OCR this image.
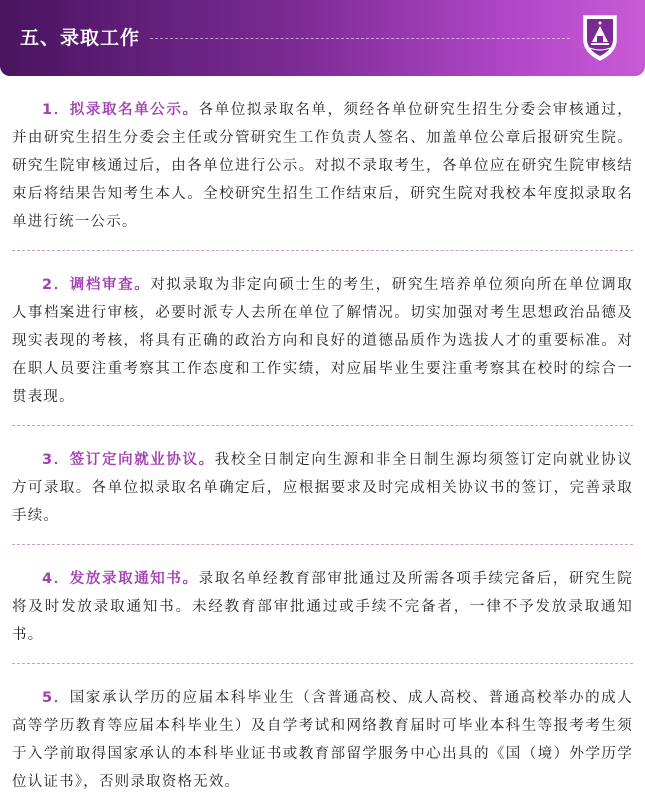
五、录取工作
1．拟录取名单公示。各单位拟录取名单，须经各单位研究生招生分委会审核通过，并由研究生招生分委会主任或分管研究生工作负责人签名、加盖单位公章后报研究生院。研究生院审核通过后，由各单位进行公示。对拟不录取考生，各单位应在研究生院审核结束后将结果告知考生本人。全校研究生招生工作结束后，研究生院对我校本年度拟录取名单进行统一公示。
2．调档审查。对拟录取为非定向硕士生的考生，研究生培养单位须向所在单位调取人事档案进行审核，必要时派专人去所在单位了解情况。切实加强对考生思想政治品德及现实表现的考核，将具有正确的政治方向和良好的道德品质作为选拔人才的重要标准。对在职人员要注重考察其工作态度和工作实绩，对应届毕业生要注重考察其在校时的综合一贯表现。
3．签订定向就业协议。我校全日制定向生源和非全日制生源均须签订定向就业协议方可录取。各单位拟录取名单确定后，应根据要求及时完成相关协议书的签订，完善录取手续。
4．发放录取通知书。录取名单经教育部审批通过及所需各项手续完备后，研究生院将及时发放录取通知书。未经教育部审批通过或手续不完备者，一律不予发放录取通知书。
5．国家承认学历的应届本科毕业生（含普通高校、成人高校、普通高校举办的成人高等学历教育等应届本科毕业生）及自学考试和网络教育届时可毕业本科生等报考考生须于入学前取得国家承认的本科毕业证书或教育部留学服务中心出具的《国（境）外学历学位认证书》，否则录取资格无效。
